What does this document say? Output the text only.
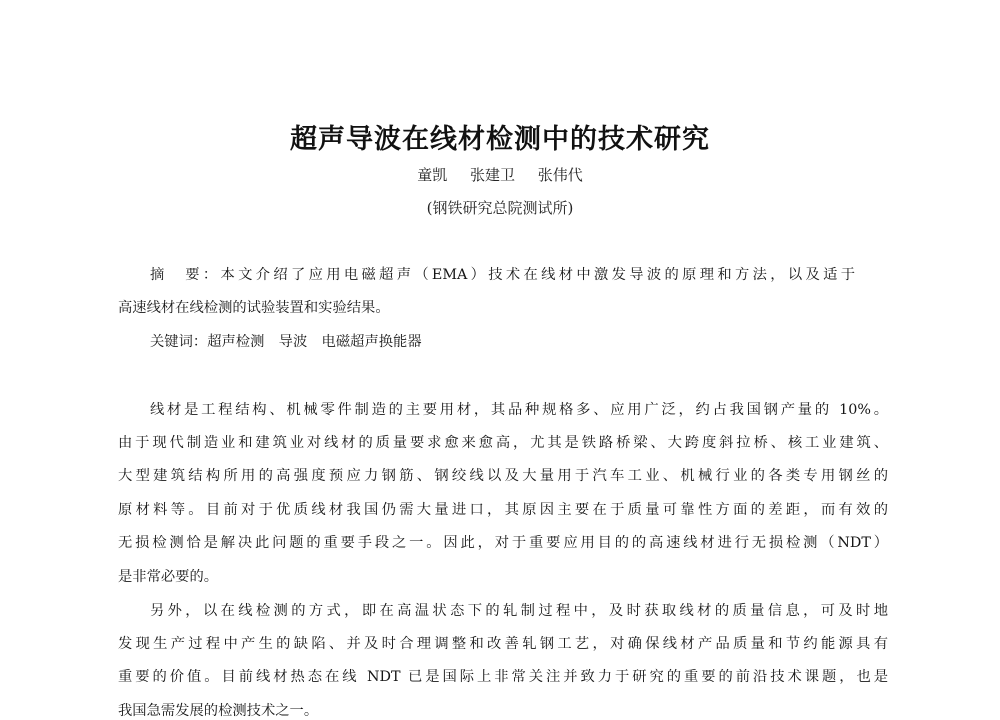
超声导波在线材检测中的技术研究
童凯 张建卫 张伟代
(钢铁研究总院测试所)
摘　要：本文介绍了应用电磁超声（EMA）技术在线材中激发导波的原理和方法，以及适于
高速线材在线检测的试验装置和实验结果。
关键词：超声检测　导波　电磁超声换能器
线材是工程结构、机械零件制造的主要用材，其品种规格多、应用广泛，约占我国钢产量的 10%。
由于现代制造业和建筑业对线材的质量要求愈来愈高，尤其是铁路桥梁、大跨度斜拉桥、核工业建筑、
大型建筑结构所用的高强度预应力钢筋、钢绞线以及大量用于汽车工业、机械行业的各类专用钢丝的
原材料等。目前对于优质线材我国仍需大量进口，其原因主要在于质量可靠性方面的差距，而有效的
无损检测恰是解决此问题的重要手段之一。因此，对于重要应用目的的高速线材进行无损检测（NDT）
是非常必要的。
另外，以在线检测的方式，即在高温状态下的轧制过程中，及时获取线材的质量信息，可及时地
发现生产过程中产生的缺陷、并及时合理调整和改善轧钢工艺，对确保线材产品质量和节约能源具有
重要的价值。目前线材热态在线 NDT 已是国际上非常关注并致力于研究的重要的前沿技术课题，也是
我国急需发展的检测技术之一。
